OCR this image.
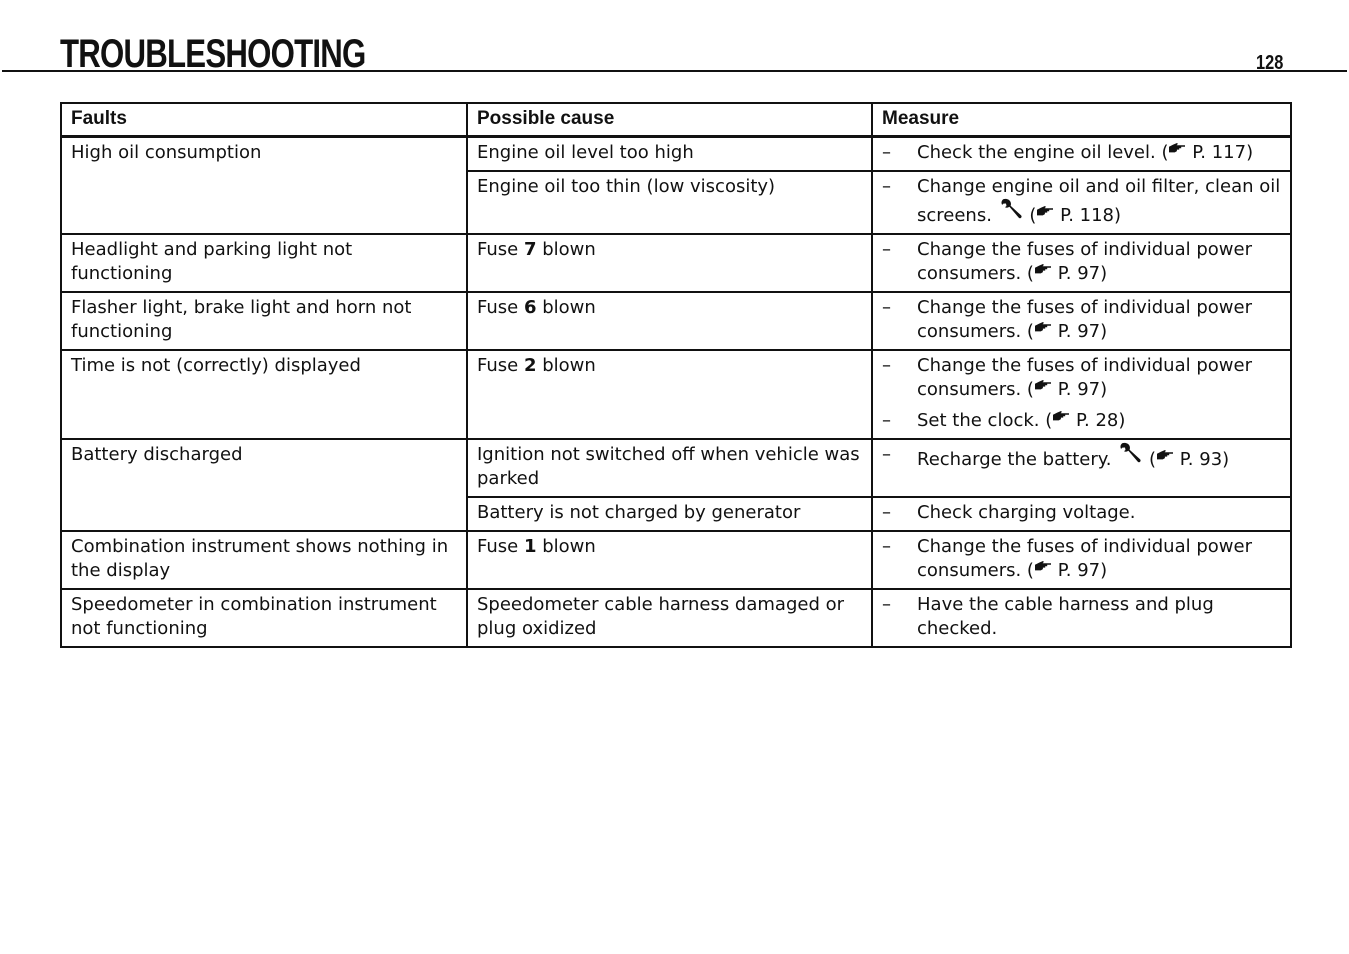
TROUBLESHOOTING	128
Faults	Possible cause	Measure
High oil consumption	Engine oil level too high	– Check the engine oil level. ( P. 117)

	Engine oil too thin (low viscosity)	– Change engine oil and oil filter, clean oil screens.  ( P. 118)

Headlight and parking light not functioning	Fuse 7 blown	– Change the fuses of individual power consumers. ( P. 97)

Flasher light, brake light and horn not functioning	Fuse 6 blown	– Change the fuses of individual power consumers. ( P. 97)

Time is not (correctly) displayed	Fuse 2 blown	– Change the fuses of individual power consumers. ( P. 97)
– Set the clock. ( P. 28)

Battery discharged	Ignition not switched off when vehicle was parked	– Recharge the battery.  ( P. 93)

	Battery is not charged by generator	– Check charging voltage.

Combination instrument shows nothing in the display	Fuse 1 blown	– Change the fuses of individual power consumers. ( P. 97)

Speedometer in combination instrument not functioning	Speedometer cable harness damaged or plug oxidized	– Have the cable harness and plug checked.
